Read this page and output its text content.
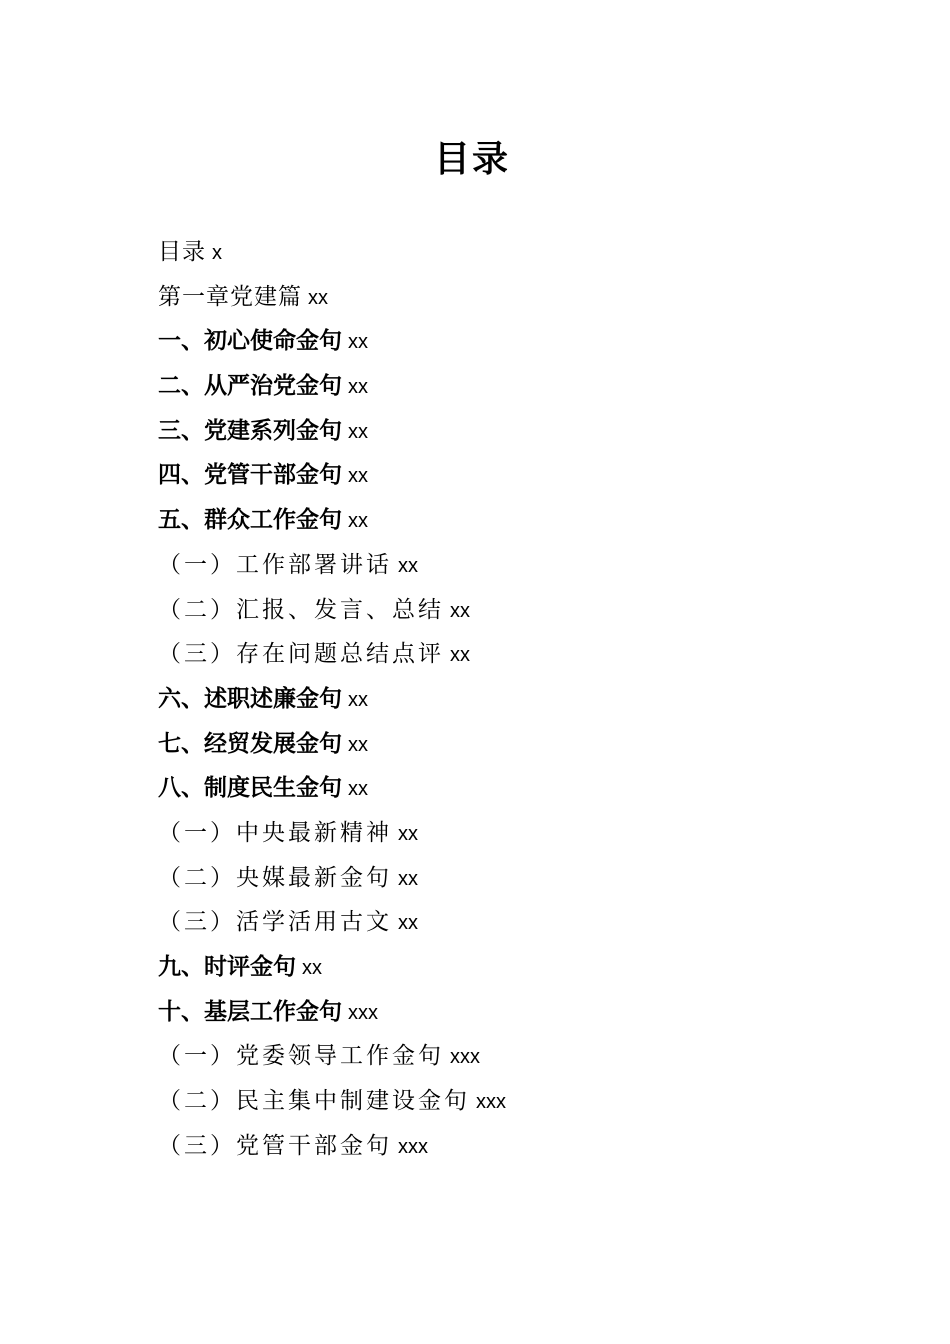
目录
目录 x
第一章党建篇 xx
一、初心使命金句 xx
二、从严治党金句 xx
三、党建系列金句 xx
四、党管干部金句 xx
五、群众工作金句 xx
（一）工作部署讲话 xx
（二）汇报、发言、总结 xx
（三）存在问题总结点评 xx
六、述职述廉金句 xx
七、经贸发展金句 xx
八、制度民生金句 xx
（一）中央最新精神 xx
（二）央媒最新金句 xx
（三）活学活用古文 xx
九、时评金句 xx
十、基层工作金句 xxx
（一）党委领导工作金句 xxx
（二）民主集中制建设金句 xxx
（三）党管干部金句 xxx
